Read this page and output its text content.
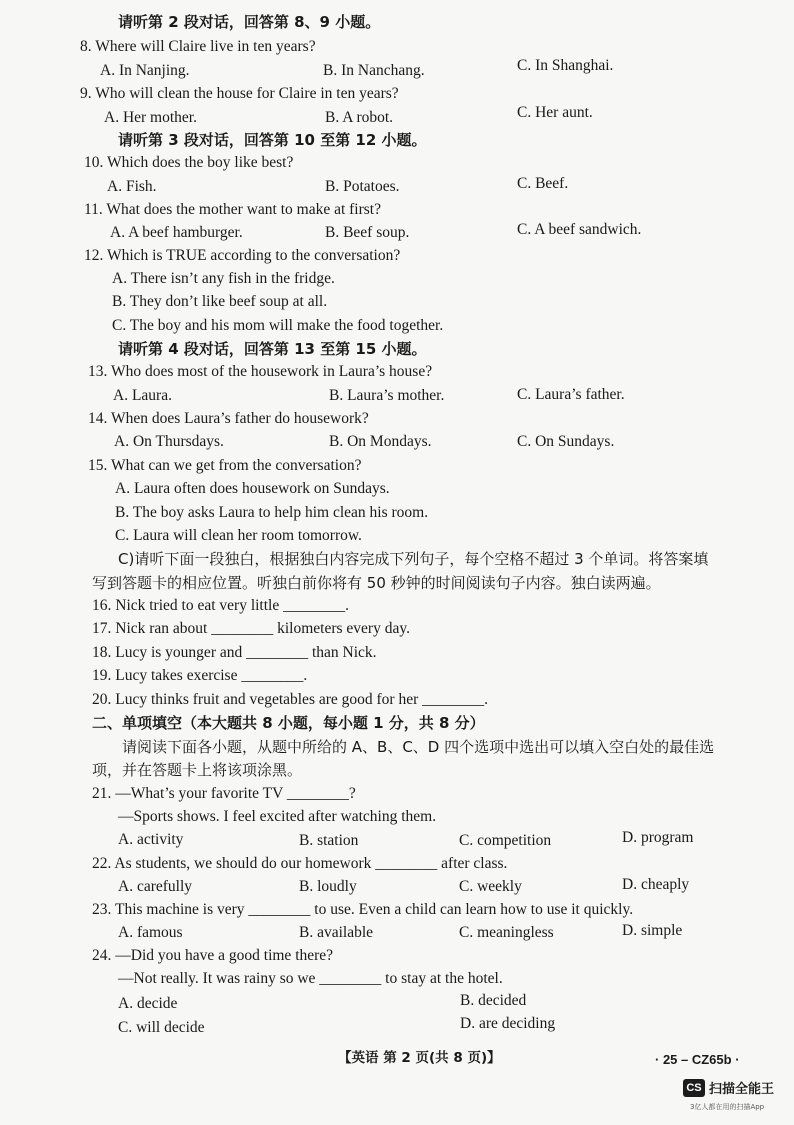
请听第 2 段对话，回答第 8、9 小题。
8. Where will Claire live in ten years?
A. In Nanjing.	B. In Nanchang.	C. In Shanghai.
9. Who will clean the house for Claire in ten years?
A. Her mother.	B. A robot.	C. Her aunt.
请听第 3 段对话，回答第 10 至第 12 小题。
10. Which does the boy like best?
A. Fish.	B. Potatoes.	C. Beef.
11. What does the mother want to make at first?
A. A beef hamburger.	B. Beef soup.	C. A beef sandwich.
12. Which is TRUE according to the conversation?
A. There isn’t any fish in the fridge.
B. They don’t like beef soup at all.
C. The boy and his mom will make the food together.
请听第 4 段对话，回答第 13 至第 15 小题。
13. Who does most of the housework in Laura’s house?
A. Laura.	B. Laura’s mother.	C. Laura’s father.
14. When does Laura’s father do housework?
A. On Thursdays.	B. On Mondays.	C. On Sundays.
15. What can we get from the conversation?
A. Laura often does housework on Sundays.
B. The boy asks Laura to help him clean his room.
C. Laura will clean her room tomorrow.
C)请听下面一段独白，根据独白内容完成下列句子，每个空格不超过 3 个单词。将答案填
写到答题卡的相应位置。听独白前你将有 50 秒钟的时间阅读句子内容。独白读两遍。
16. Nick tried to eat very little ________.
17. Nick ran about ________ kilometers every day.
18. Lucy is younger and ________ than Nick.
19. Lucy takes exercise ________.
20. Lucy thinks fruit and vegetables are good for her ________.
二、单项填空（本大题共 8 小题，每小题 1 分，共 8 分）
请阅读下面各小题，从题中所给的 A、B、C、D 四个选项中选出可以填入空白处的最佳选
项，并在答题卡上将该项涂黑。
21. —What’s your favorite TV ________?
—Sports shows. I feel excited after watching them.
A. activity	B. station	C. competition	D. program
22. As students, we should do our homework ________ after class.
A. carefully	B. loudly	C. weekly	D. cheaply
23. This machine is very ________ to use. Even a child can learn how to use it quickly.
A. famous	B. available	C. meaningless	D. simple
24. —Did you have a good time there?
—Not really. It was rainy so we ________ to stay at the hotel.
A. decide	B. decided
C. will decide	D. are deciding
【英语 第 2 页(共 8 页)】	· 25 – CZ65b ·
CS 扫描全能王
3亿人都在用的扫描App
